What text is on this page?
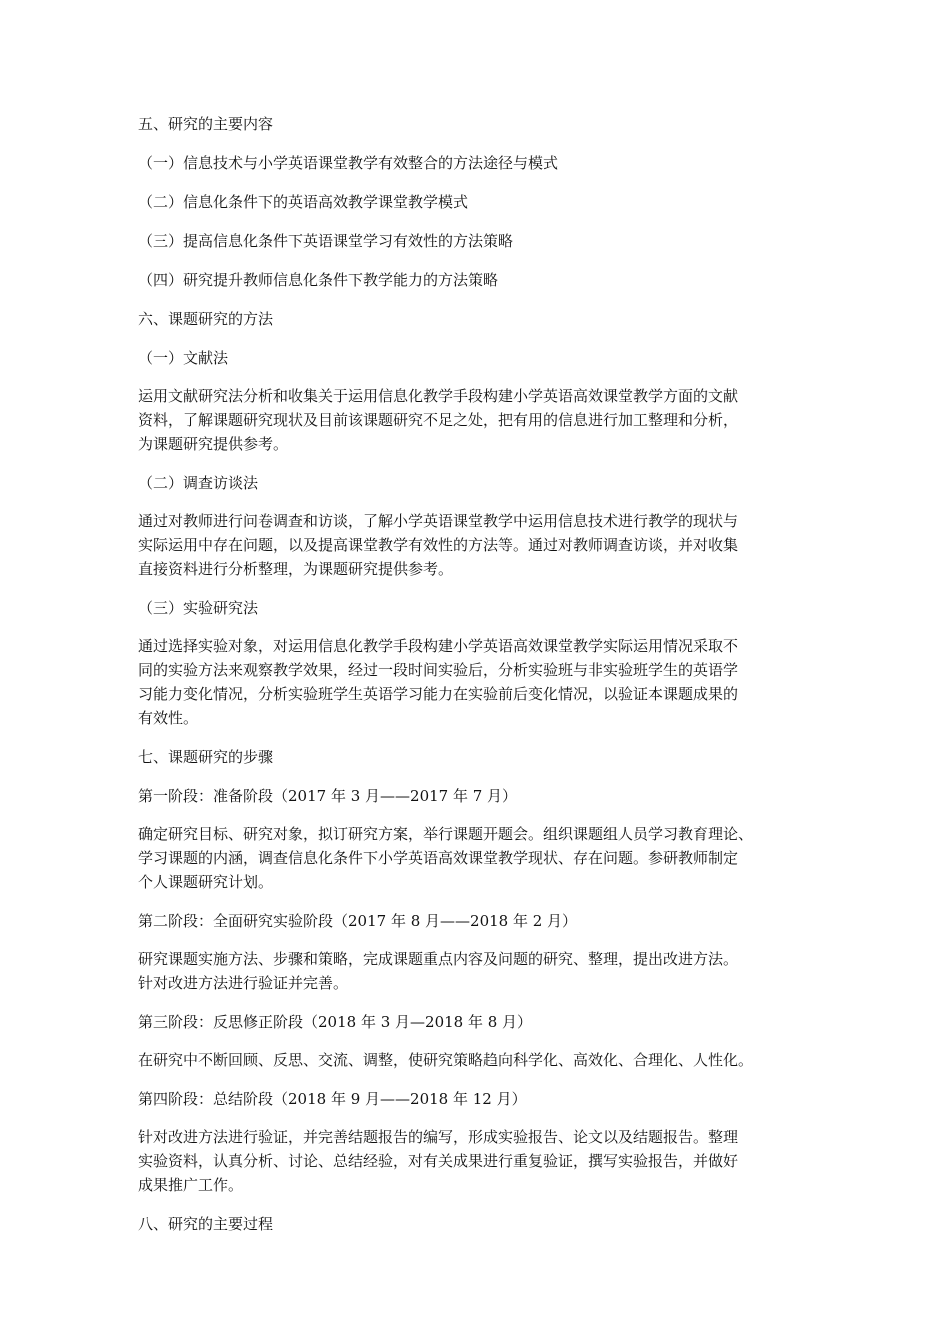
五、研究的主要内容

（一）信息技术与小学英语课堂教学有效整合的方法途径与模式

（二）信息化条件下的英语高效教学课堂教学模式

（三）提高信息化条件下英语课堂学习有效性的方法策略

（四）研究提升教师信息化条件下教学能力的方法策略

六、课题研究的方法

（一）文献法

运用文献研究法分析和收集关于运用信息化教学手段构建小学英语高效课堂教学方面的文献

资料，了解课题研究现状及目前该课题研究不足之处，把有用的信息进行加工整理和分析，

为课题研究提供参考。

（二）调查访谈法

通过对教师进行问卷调查和访谈，了解小学英语课堂教学中运用信息技术进行教学的现状与

实际运用中存在问题，以及提高课堂教学有效性的方法等。通过对教师调查访谈，并对收集

直接资料进行分析整理，为课题研究提供参考。

（三）实验研究法

通过选择实验对象，对运用信息化教学手段构建小学英语高效课堂教学实际运用情况采取不

同的实验方法来观察教学效果，经过一段时间实验后，分析实验班与非实验班学生的英语学

习能力变化情况，分析实验班学生英语学习能力在实验前后变化情况，以验证本课题成果的

有效性。

七、课题研究的步骤

第一阶段：准备阶段（2017 年 3 月——2017 年 7 月）

确定研究目标、研究对象，拟订研究方案，举行课题开题会。组织课题组人员学习教育理论、

学习课题的内涵，调查信息化条件下小学英语高效课堂教学现状、存在问题。参研教师制定

个人课题研究计划。

第二阶段：全面研究实验阶段（2017 年 8 月——2018 年 2 月）

研究课题实施方法、步骤和策略，完成课题重点内容及问题的研究、整理，提出改进方法。

针对改进方法进行验证并完善。

第三阶段：反思修正阶段（2018 年 3 月—2018 年 8 月）

在研究中不断回顾、反思、交流、调整，使研究策略趋向科学化、高效化、合理化、人性化。

第四阶段：总结阶段（2018 年 9 月——2018 年 12 月）

针对改进方法进行验证，并完善结题报告的编写，形成实验报告、论文以及结题报告。整理

实验资料，认真分析、讨论、总结经验，对有关成果进行重复验证，撰写实验报告，并做好

成果推广工作。

八、研究的主要过程
